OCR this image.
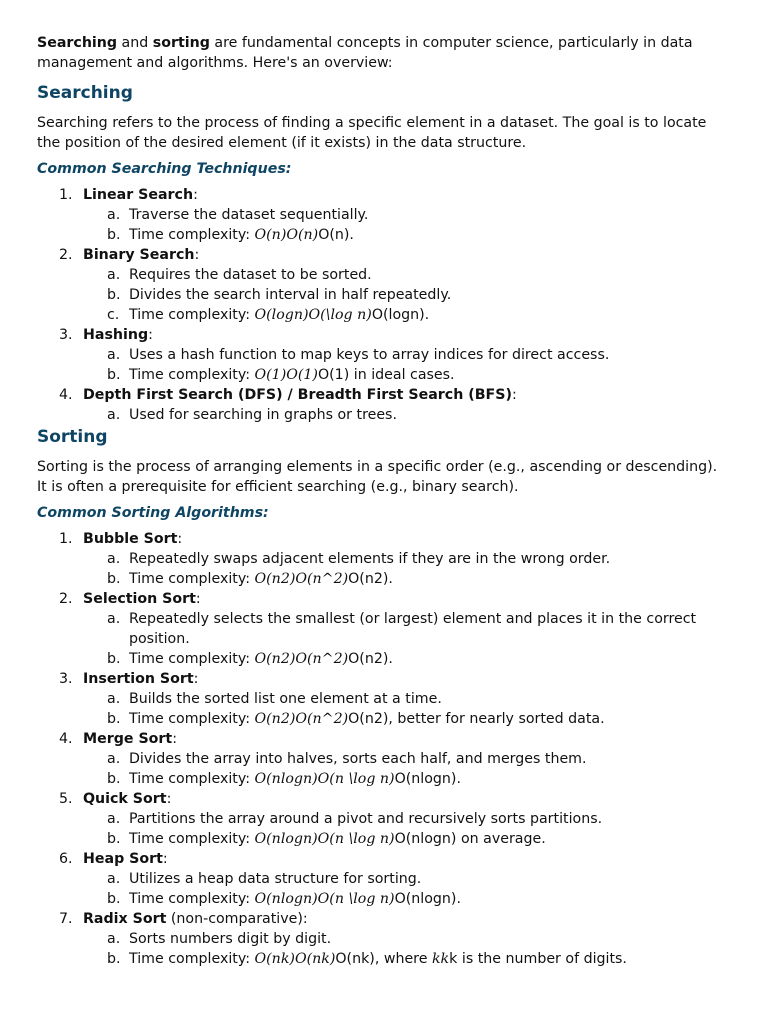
Searching and sorting are fundamental concepts in computer science, particularly in data management and algorithms. Here's an overview:

Searching

Searching refers to the process of finding a specific element in a dataset. The goal is to locate the position of the desired element (if it exists) in the data structure.

Common Searching Techniques:
1. Linear Search:
a. Traverse the dataset sequentially.
b. Time complexity: O(n)O(n)O(n).
2. Binary Search:
a. Requires the dataset to be sorted.
b. Divides the search interval in half repeatedly.
c. Time complexity: O(logn)O(\log n)O(logn).
3. Hashing:
a. Uses a hash function to map keys to array indices for direct access.
b. Time complexity: O(1)O(1)O(1) in ideal cases.
4. Depth First Search (DFS) / Breadth First Search (BFS):
a. Used for searching in graphs or trees.
Sorting

Sorting is the process of arranging elements in a specific order (e.g., ascending or descending). It is often a prerequisite for efficient searching (e.g., binary search).

Common Sorting Algorithms:
1. Bubble Sort:
a. Repeatedly swaps adjacent elements if they are in the wrong order.
b. Time complexity: O(n2)O(n^2)O(n2).
2. Selection Sort:
a. Repeatedly selects the smallest (or largest) element and places it in the correct position.
b. Time complexity: O(n2)O(n^2)O(n2).
3. Insertion Sort:
a. Builds the sorted list one element at a time.
b. Time complexity: O(n2)O(n^2)O(n2), better for nearly sorted data.
4. Merge Sort:
a. Divides the array into halves, sorts each half, and merges them.
b. Time complexity: O(nlogn)O(n \log n)O(nlogn).
5. Quick Sort:
a. Partitions the array around a pivot and recursively sorts partitions.
b. Time complexity: O(nlogn)O(n \log n)O(nlogn) on average.
6. Heap Sort:
a. Utilizes a heap data structure for sorting.
b. Time complexity: O(nlogn)O(n \log n)O(nlogn).
7. Radix Sort (non-comparative):
a. Sorts numbers digit by digit.
b. Time complexity: O(nk)O(nk)O(nk), where kkk is the number of digits.
